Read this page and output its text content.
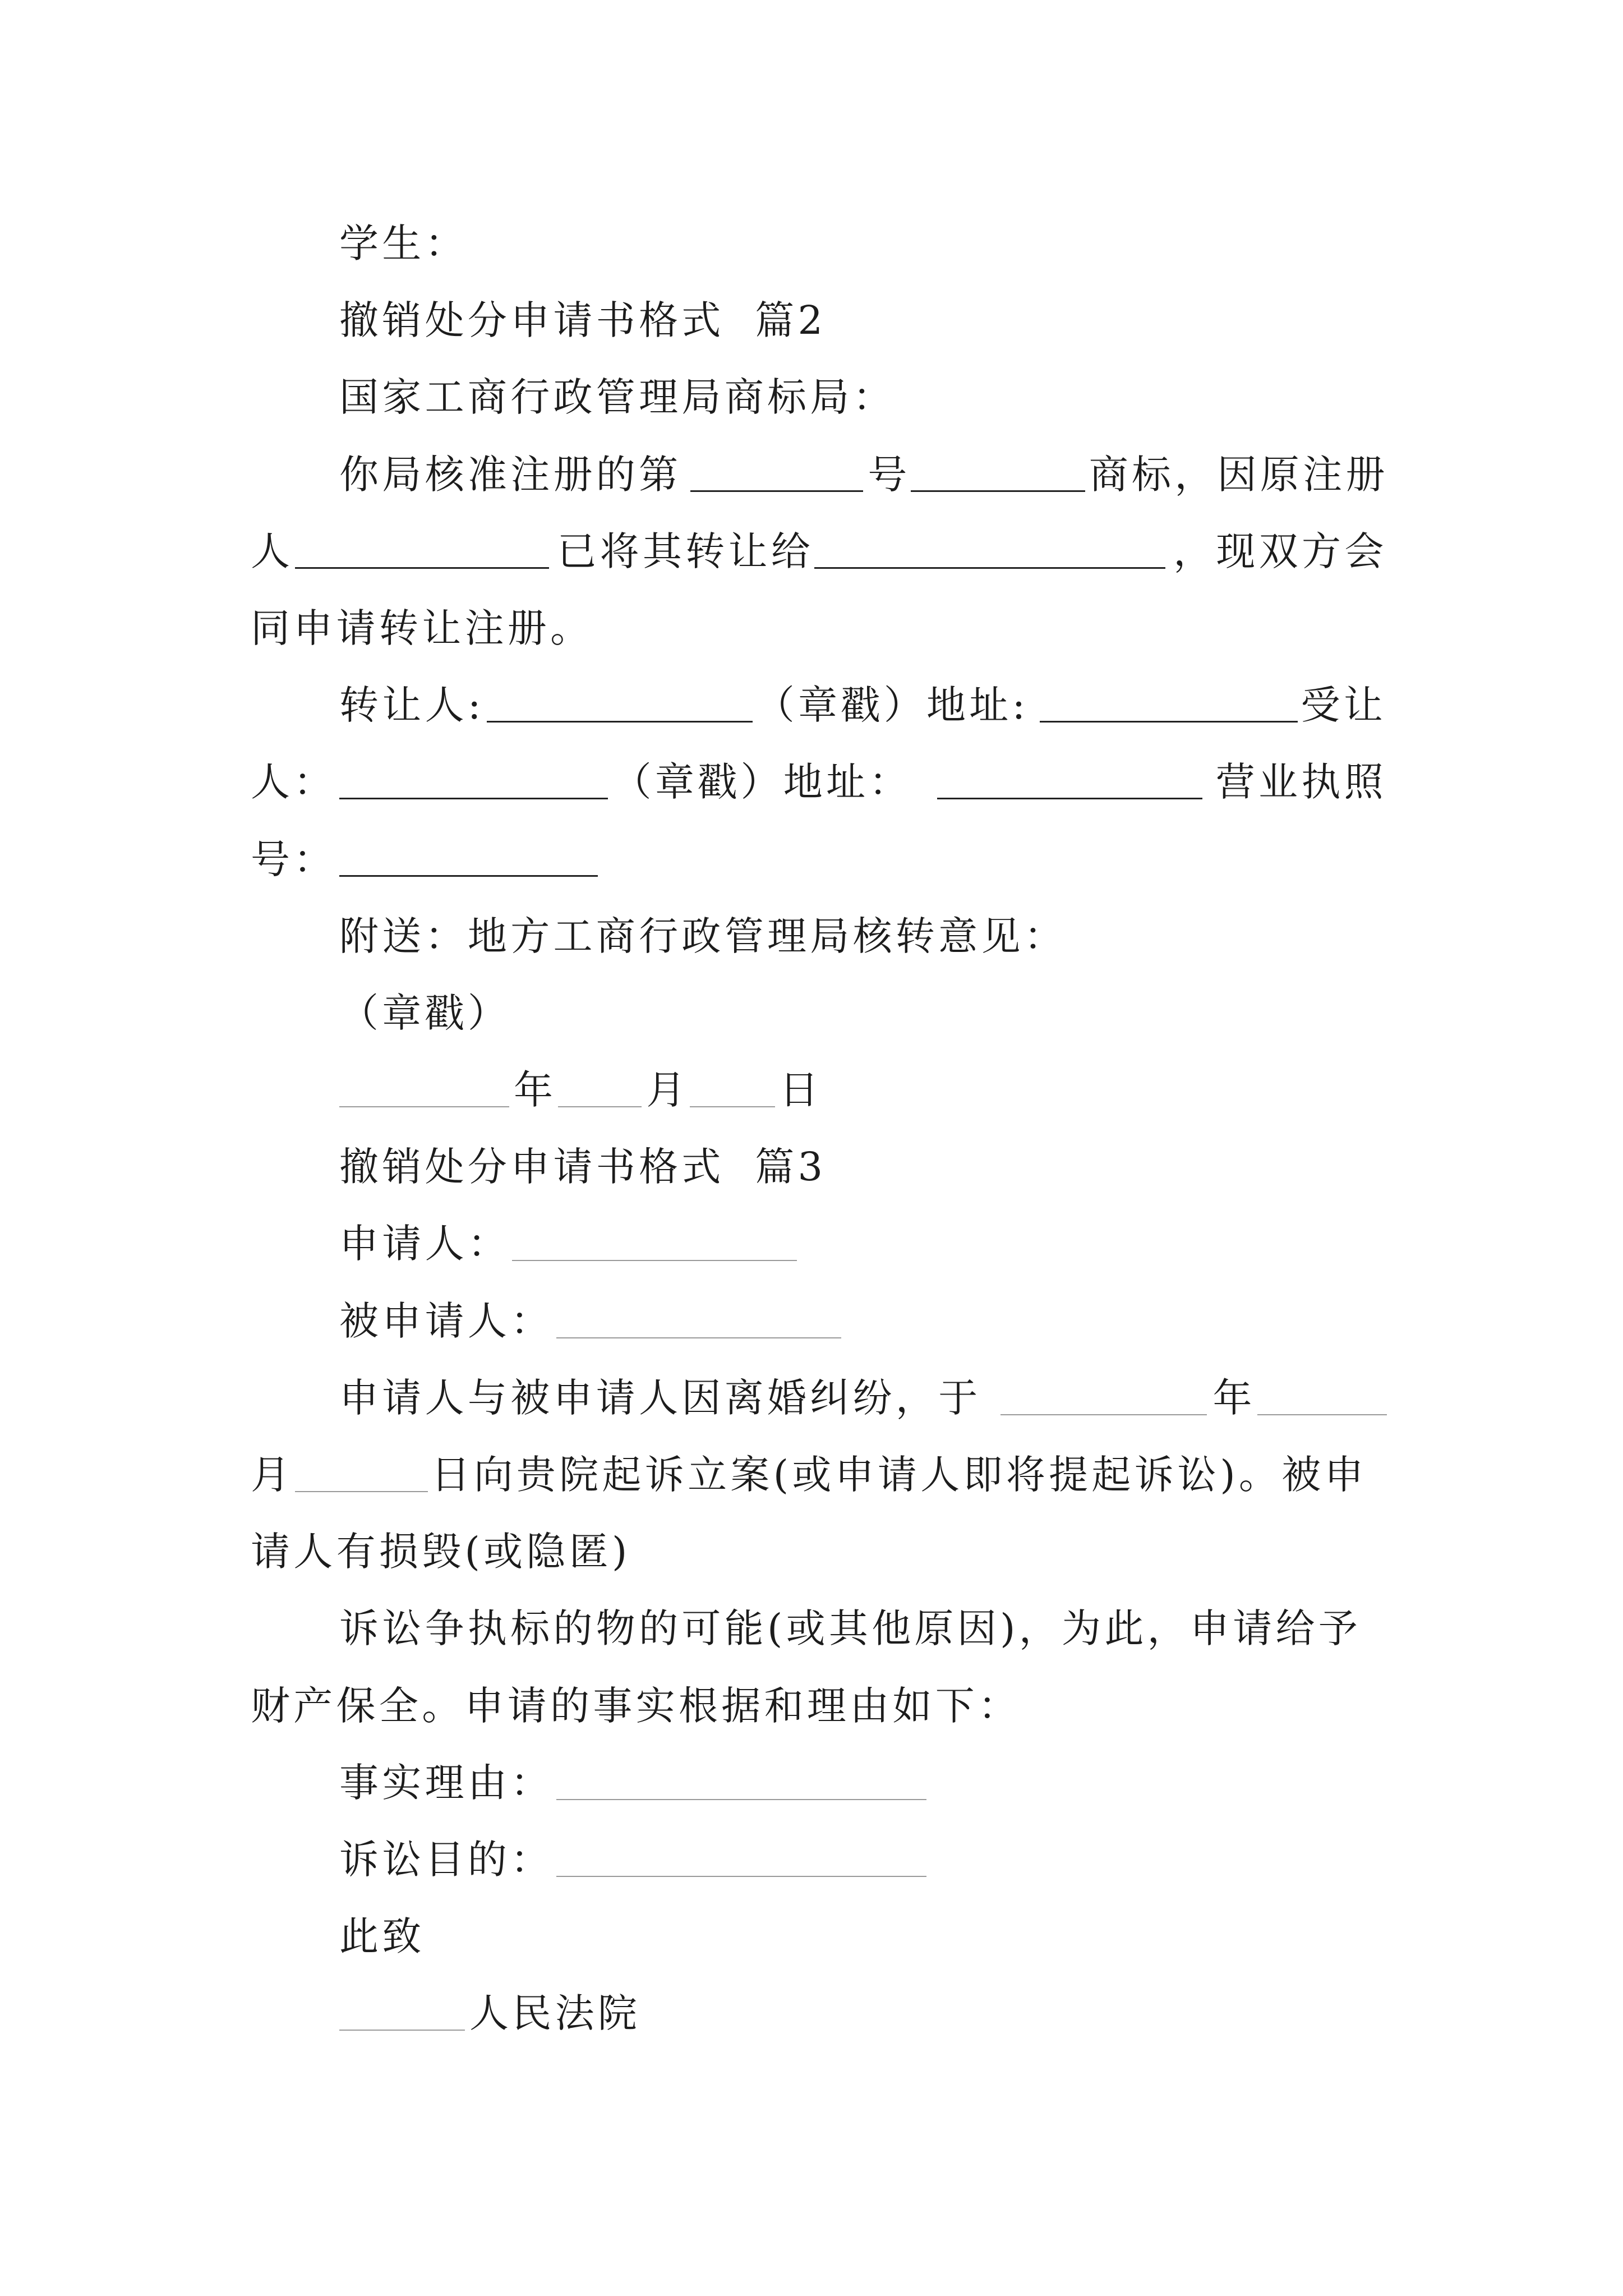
学生：
撤销处分申请书格式 篇2
国家工商行政管理局商标局：
你局核准注册的第	号	商标，因原注册
人	已将其转让给	，现双方会
同申请转让注册。
转让人:	（章戳）地址:	受让
人：	（章戳）地址：	营业执照
号：
附送：地方工商行政管理局核转意见：
（章戳）
年 月 日
撤销处分申请书格式 篇3
申请人：
被申请人：
申请人与被申请人因离婚纠纷，于	年
月	日向贵院起诉立案(或申请人即将提起诉讼)。被申
请人有损毁(或隐匿)
诉讼争执标的物的可能(或其他原因)，为此，申请给予
财产保全。申请的事实根据和理由如下：
事实理由：
诉讼目的：
此致
人民法院
